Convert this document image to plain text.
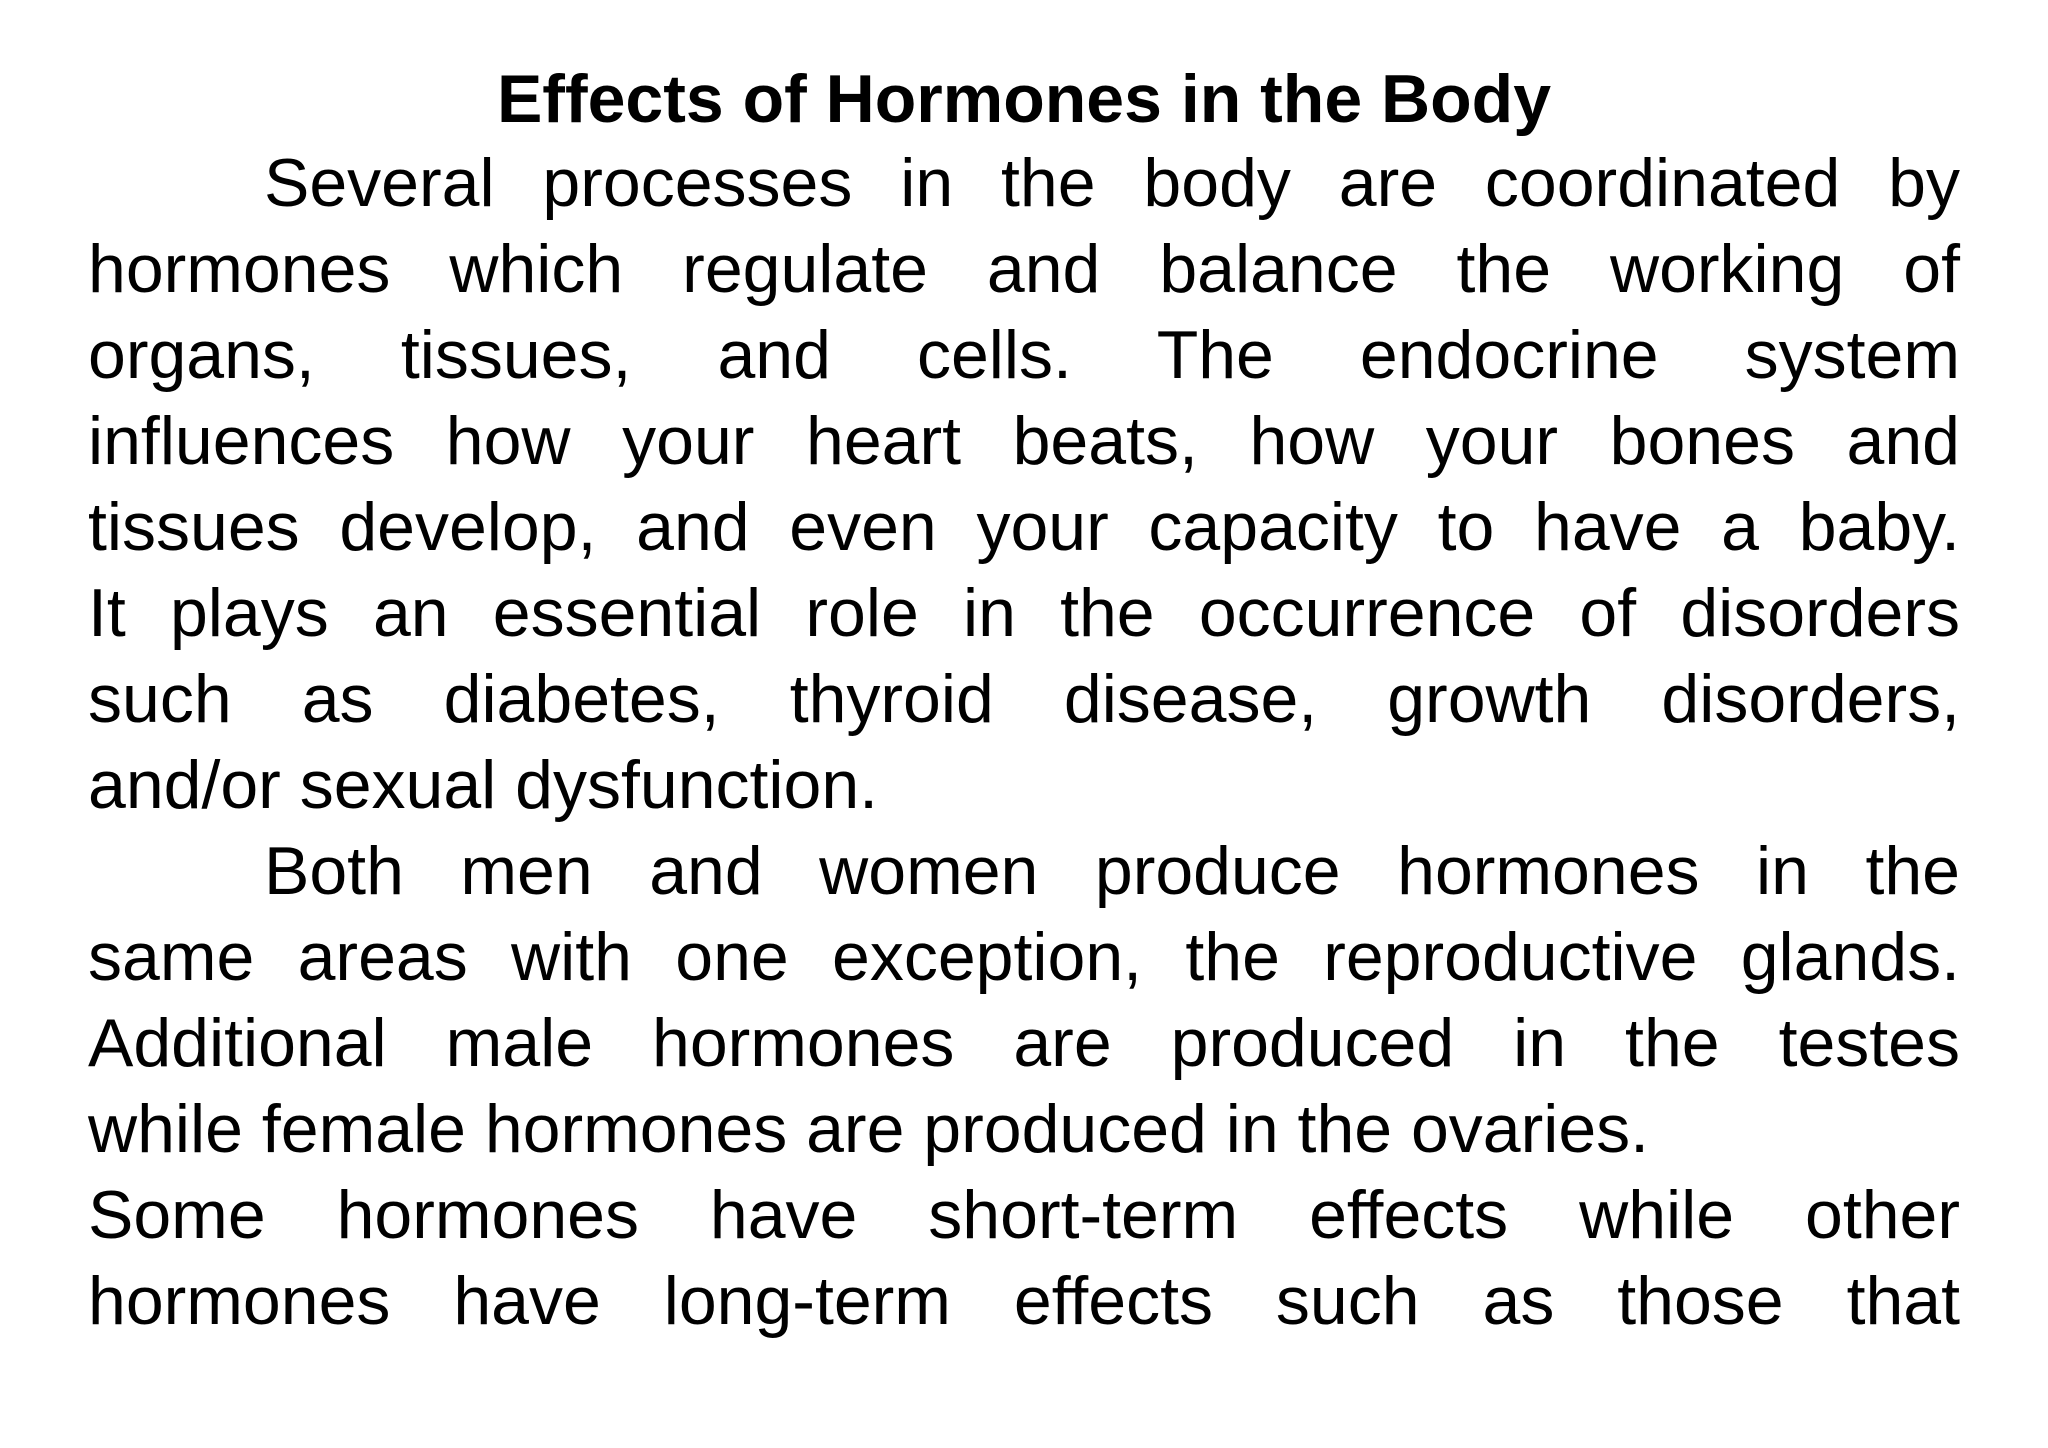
Effects of Hormones in the Body
Several processes in the body are coordinated by
hormones which regulate and balance the working of
organs, tissues, and cells. The endocrine system
influences how your heart beats, how your bones and
tissues develop, and even your capacity to have a baby.
It plays an essential role in the occurrence of disorders
such as diabetes, thyroid disease, growth disorders,
and/or sexual dysfunction.
Both men and women produce hormones in the
same areas with one exception, the reproductive glands.
Additional male hormones are produced in the testes
while female hormones are produced in the ovaries.
Some hormones have short-term effects while other
hormones have long-term effects such as those that
